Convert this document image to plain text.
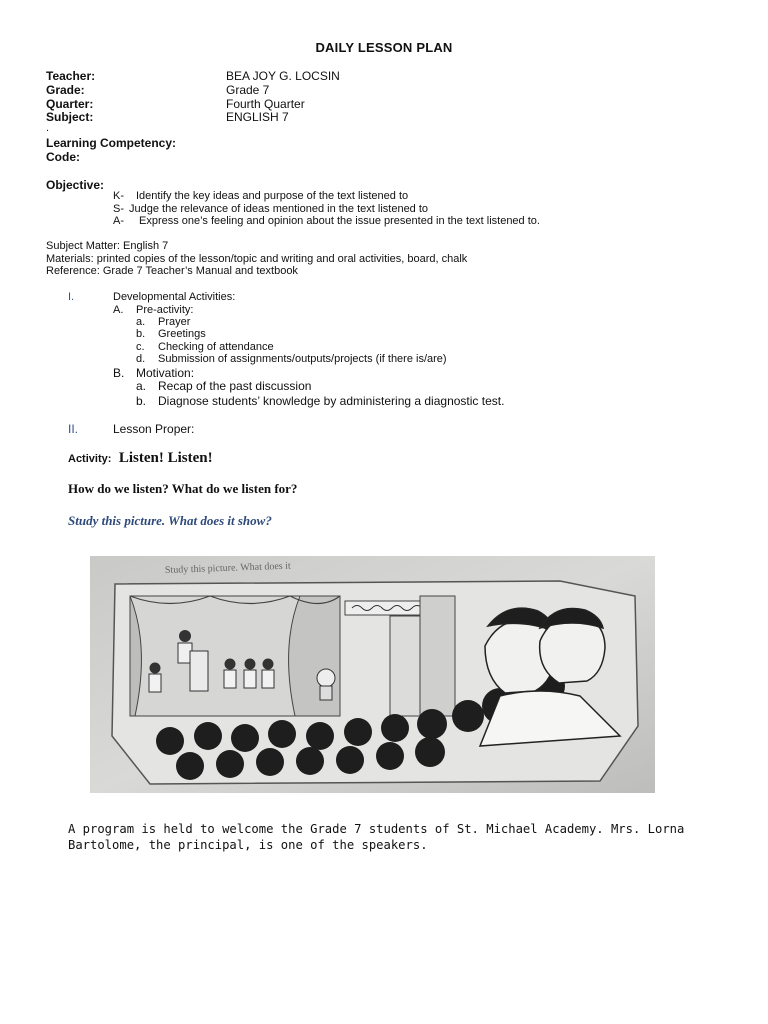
DAILY LESSON PLAN
Teacher:	BEA JOY G. LOCSIN
Grade:	Grade 7
Quarter:	Fourth Quarter
Subject:	ENGLISH 7
.
Learning Competency:
Code:
Objective:
K- Identify the key ideas and purpose of the text listened to
S- Judge the relevance of ideas mentioned in the text listened to
A- Express one’s feeling and opinion about the issue presented in the text listened to.
Subject Matter: English 7
Materials: printed copies of the lesson/topic and writing and oral activities, board, chalk
Reference: Grade 7 Teacher’s Manual and textbook
I.	Developmental Activities:
A. Pre-activity:
a. Prayer
b. Greetings
c. Checking of attendance
d. Submission of assignments/outputs/projects (if there is/are)
B. Motivation:
a. Recap of the past discussion
b. Diagnose students’ knowledge by administering a diagnostic test.
II.	Lesson Proper:
Activity: Listen! Listen!
How do we listen? What do we listen for?
Study this picture. What does it show?
Study this picture. What does it
A program is held to welcome the Grade 7 students of St. Michael Academy. Mrs. Lorna
Bartolome, the principal, is one of the speakers.
